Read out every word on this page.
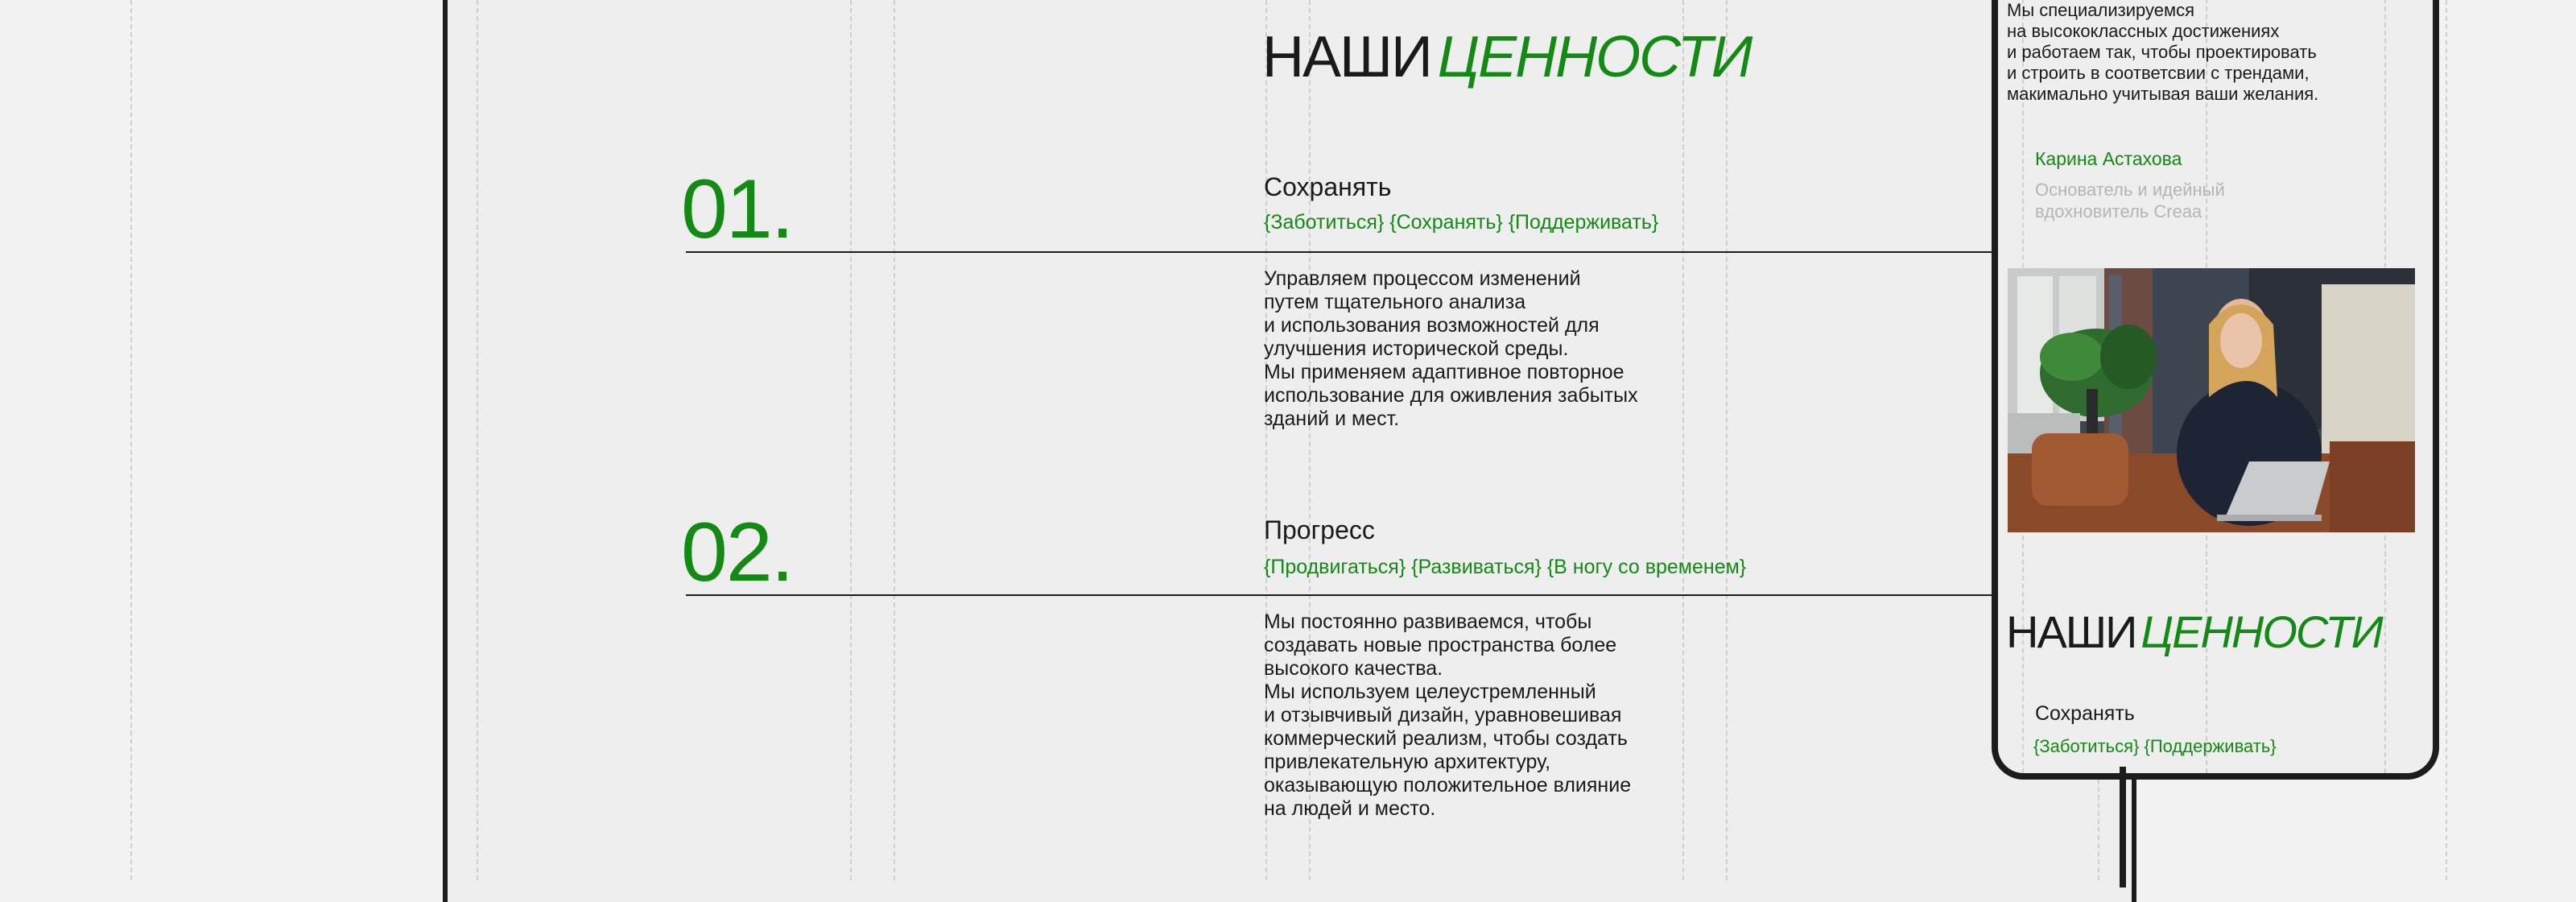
НАШИ ЦЕННОСТИ
01.	Сохранять
{Заботиться} {Сохранять} {Поддерживать}
Управляем процессом изменений
путем тщательного анализа
и использования возможностей для
улучшения исторической среды.
Мы применяем адаптивное повторное
использование для оживления забытых
зданий и мест.
02.	Прогресс
{Продвигаться} {Развиваться} {В ногу со временем}
Мы постоянно развиваемся, чтобы
создавать новые пространства более
высокого качества.
Мы используем целеустремленный
и отзывчивый дизайн, уравновешивая
коммерческий реализм, чтобы создать
привлекательную архитектуру,
оказывающую положительное влияние
на людей и место.
Мы специализируемся
на высококлассных достижениях
и работаем так, чтобы проектировать
и строить в соответсвии с трендами,
макимально учитывая ваши желания.
Карина Астахова
Основатель и идейный
вдохновитель Creaa
НАШИ ЦЕННОСТИ
Сохранять
{Заботиться} {Поддерживать}
